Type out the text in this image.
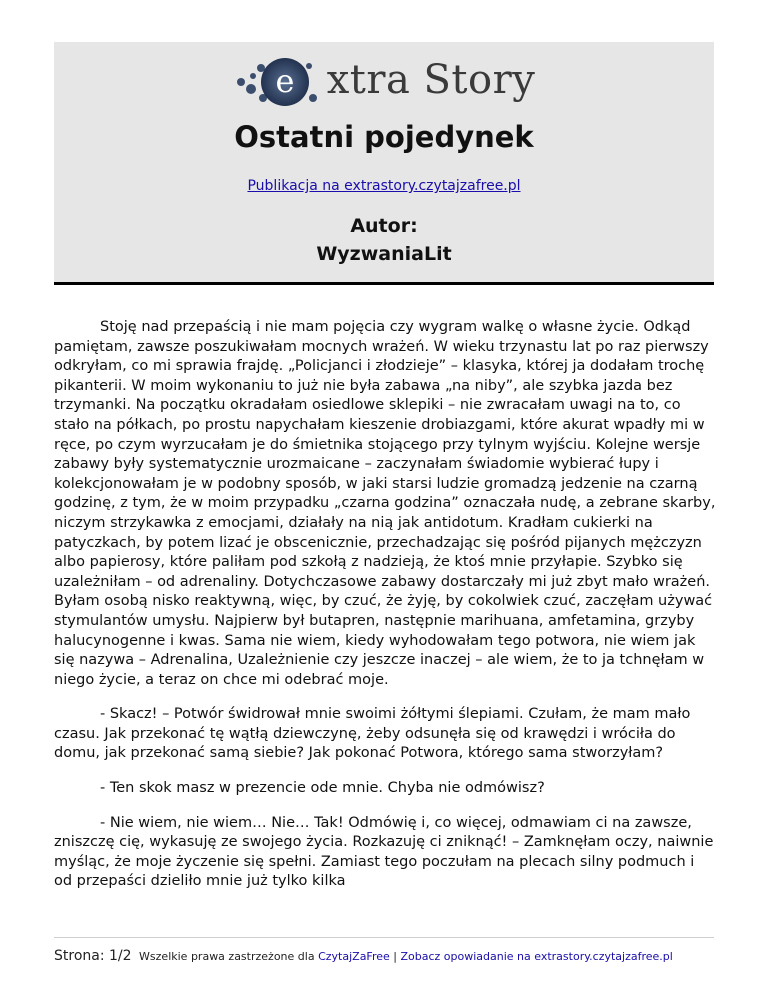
e xtra Story
Ostatni pojedynek
Publikacja na extrastory.czytajzafree.pl
Autor:
WyzwaniaLit

Stoję nad przepaścią i nie mam pojęcia czy wygram walkę o własne życie. Odkąd pamiętam, zawsze poszukiwałam mocnych wrażeń. W wieku trzynastu lat po raz pierwszy odkryłam, co mi sprawia frajdę. „Policjanci i złodzieje” – klasyka, której ja dodałam trochę pikanterii. W moim wykonaniu to już nie była zabawa „na niby”, ale szybka jazda bez trzymanki. Na początku okradałam osiedlowe sklepiki – nie zwracałam uwagi na to, co stało na półkach, po prostu napychałam kieszenie drobiazgami, które akurat wpadły mi w ręce, po czym wyrzucałam je do śmietnika stojącego przy tylnym wyjściu. Kolejne wersje zabawy były systematycznie urozmaicane – zaczynałam świadomie wybierać łupy i kolekcjonowałam je w podobny sposób, w jaki starsi ludzie gromadzą jedzenie na czarną godzinę, z tym, że w moim przypadku „czarna godzina” oznaczała nudę, a zebrane skarby, niczym strzykawka z emocjami, działały na nią jak antidotum. Kradłam cukierki na patyczkach, by potem lizać je obscenicznie, przechadzając się pośród pijanych mężczyzn albo papierosy, które paliłam pod szkołą z nadzieją, że ktoś mnie przyłapie. Szybko się uzależniłam – od adrenaliny. Dotychczasowe zabawy dostarczały mi już zbyt mało wrażeń. Byłam osobą nisko reaktywną, więc, by czuć, że żyję, by cokolwiek czuć, zaczęłam używać stymulantów umysłu. Najpierw był butapren, następnie marihuana, amfetamina, grzyby halucynogenne i kwas. Sama nie wiem, kiedy wyhodowałam tego potwora, nie wiem jak się nazywa – Adrenalina, Uzależnienie czy jeszcze inaczej – ale wiem, że to ja tchnęłam w niego życie, a teraz on chce mi odebrać moje.

- Skacz! – Potwór świdrował mnie swoimi żółtymi ślepiami. Czułam, że mam mało czasu. Jak przekonać tę wątłą dziewczynę, żeby odsunęła się od krawędzi i wróciła do domu, jak przekonać samą siebie? Jak pokonać Potwora, którego sama stworzyłam?

- Ten skok masz w prezencie ode mnie. Chyba nie odmówisz?

- Nie wiem, nie wiem… Nie… Tak! Odmówię i, co więcej, odmawiam ci na zawsze, zniszczę cię, wykasuję ze swojego życia. Rozkazuję ci zniknąć! – Zamknęłam oczy, naiwnie myśląc, że moje życzenie się spełni. Zamiast tego poczułam na plecach silny podmuch i od przepaści dzieliło mnie już tylko kilka

Strona: 1/2 Wszelkie prawa zastrzeżone dla CzytajZaFree | Zobacz opowiadanie na extrastory.czytajzafree.pl
